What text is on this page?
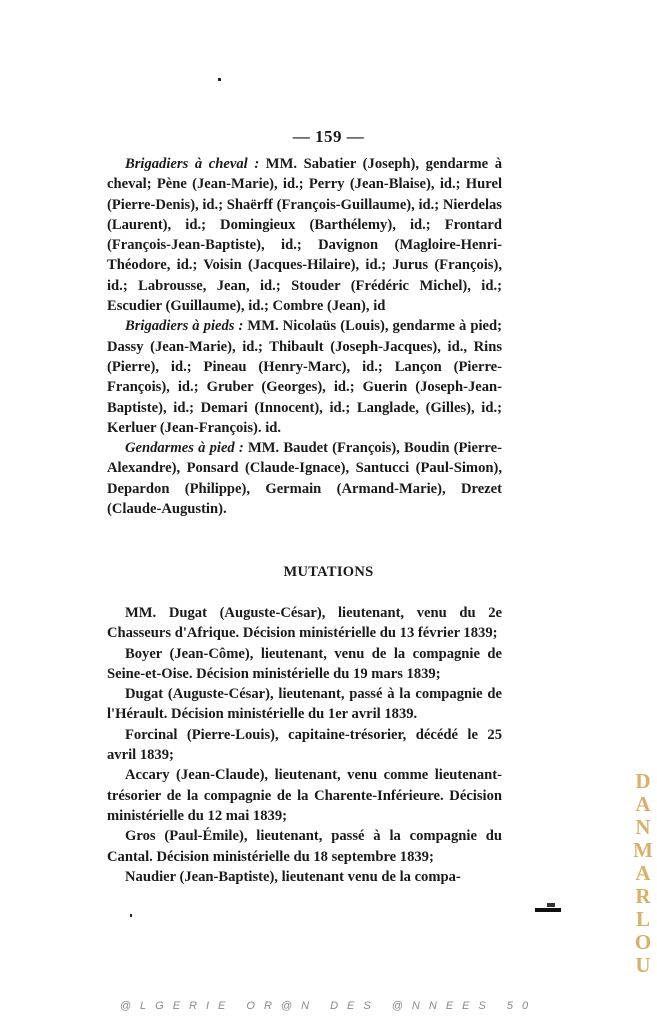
— 159 —

Brigadiers à cheval : MM. Sabatier (Joseph), gendarme à cheval; Pène (Jean-Marie), id.; Perry (Jean-Blaise), id.; Hurel (Pierre-Denis), id.; Shaërff (François-Guillaume), id.; Nierdelas (Laurent), id.; Domingieux (Barthélemy), id.; Frontard (François-Jean-Baptiste), id.; Davignon (Magloire-Henri-Théodore, id.; Voisin (Jacques-Hilaire), id.; Jurus (François), id.; Labrousse, Jean, id.; Stouder (Frédéric Michel), id.; Escudier (Guillaume), id.; Combre (Jean), id

Brigadiers à pieds : MM. Nicolaüs (Louis), gendarme à pied; Dassy (Jean-Marie), id.; Thibault (Joseph-Jacques), id., Rins (Pierre), id.; Pineau (Henry-Marc), id.; Lançon (Pierre-François), id.; Gruber (Georges), id.; Guerin (Joseph-Jean-Baptiste), id.; Demari (Innocent), id.; Langlade, (Gilles), id.; Kerluer (Jean-François). id.

Gendarmes à pied : MM. Baudet (François), Boudin (Pierre-Alexandre), Ponsard (Claude-Ignace), Santucci (Paul-Simon), Depardon (Philippe), Germain (Armand-Marie), Drezet (Claude-Augustin).

MUTATIONS

MM. Dugat (Auguste-César), lieutenant, venu du 2e Chasseurs d'Afrique. Décision ministérielle du 13 février 1839;

Boyer (Jean-Côme), lieutenant, venu de la compagnie de Seine-et-Oise. Décision ministérielle du 19 mars 1839;

Dugat (Auguste-César), lieutenant, passé à la compagnie de l'Hérault. Décision ministérielle du 1er avril 1839.

Forcinal (Pierre-Louis), capitaine-trésorier, décédé le 25 avril 1839;

Accary (Jean-Claude), lieutenant, venu comme lieutenant-trésorier de la compagnie de la Charente-Inférieure. Décision ministérielle du 12 mai 1839;

Gros (Paul-Émile), lieutenant, passé à la compagnie du Cantal. Décision ministérielle du 18 septembre 1839;

Naudier (Jean-Baptiste), lieutenant venu de la compa-

D
A
N
M
A
R
L
O
U
@LGERIE OR@N DES @NNEES 50
